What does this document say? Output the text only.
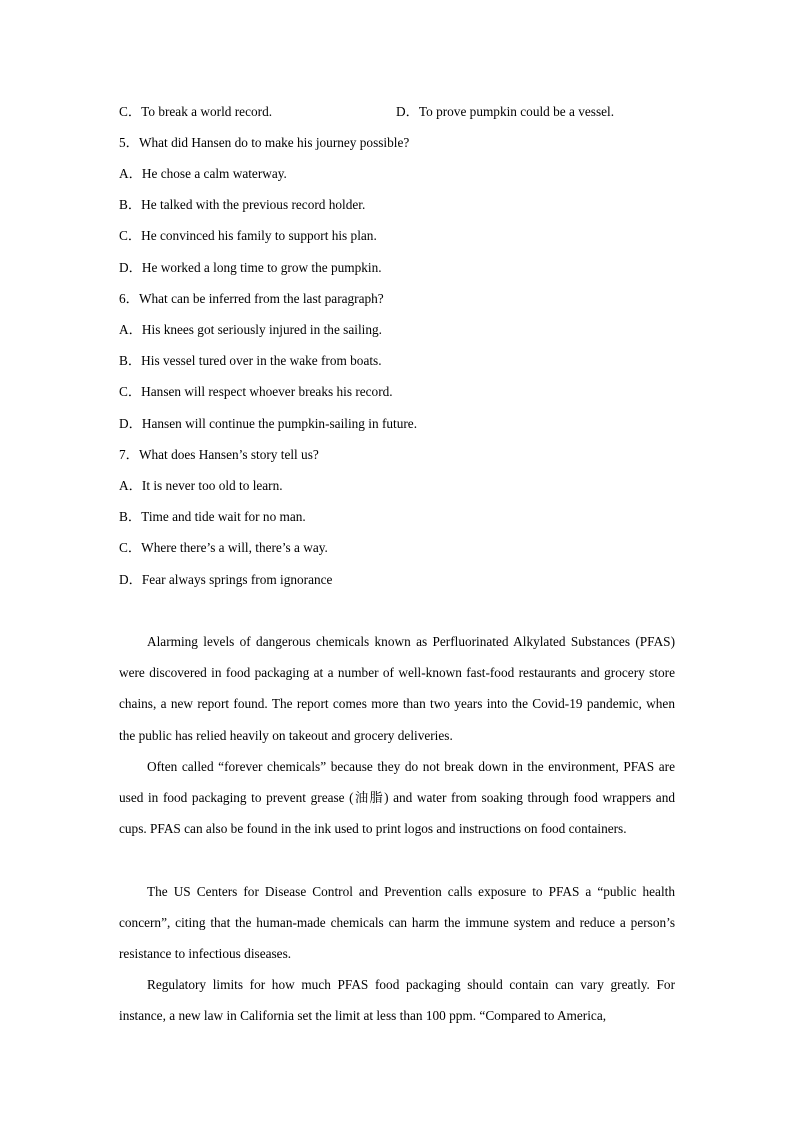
C．To break a world record.	D．To prove pumpkin could be a vessel.
5．What did Hansen do to make his journey possible?
A．He chose a calm waterway.
B．He talked with the previous record holder.
C．He convinced his family to support his plan.
D．He worked a long time to grow the pumpkin.
6．What can be inferred from the last paragraph?
A．His knees got seriously injured in the sailing.
B．His vessel tured over in the wake from boats.
C．Hansen will respect whoever breaks his record.
D．Hansen will continue the pumpkin-sailing in future.
7．What does Hansen’s story tell us?
A．It is never too old to learn.
B．Time and tide wait for no man.
C．Where there’s a will, there’s a way.
D．Fear always springs from ignorance

Alarming levels of dangerous chemicals known as Perfluorinated Alkylated Substances (PFAS) were discovered in food packaging at a number of well-known fast-food restaurants and grocery store chains, a new report found. The report comes more than two years into the Covid-19 pandemic, when the public has relied heavily on takeout and grocery deliveries.

Often called “forever chemicals” because they do not break down in the environment, PFAS are used in food packaging to prevent grease (油脂) and water from soaking through food wrappers and cups. PFAS can also be found in the ink used to print logos and instructions on food containers.

The US Centers for Disease Control and Prevention calls exposure to PFAS a “public health concern”, citing that the human-made chemicals can harm the immune system and reduce a person’s resistance to infectious diseases.

Regulatory limits for how much PFAS food packaging should contain can vary greatly. For instance, a new law in California set the limit at less than 100 ppm. “Compared to America,
